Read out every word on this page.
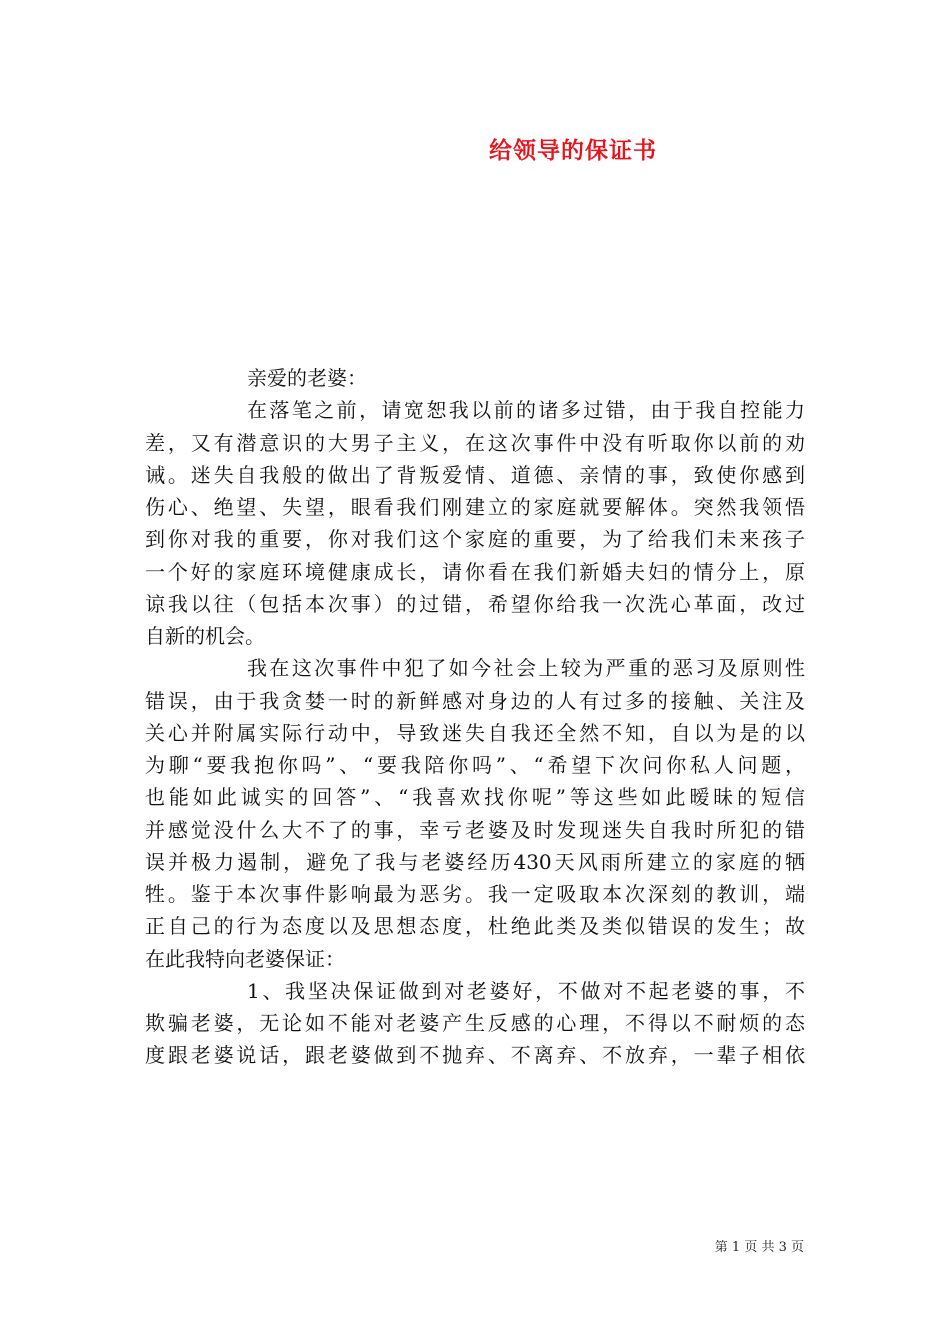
给领导的保证书
亲爱的老婆：
在落笔之前，请宽恕我以前的诸多过错，由于我自控能力
差，又有潜意识的大男子主义，在这次事件中没有听取你以前的劝
诫。迷失自我般的做出了背叛爱情、道德、亲情的事，致使你感到
伤心、绝望、失望，眼看我们刚建立的家庭就要解体。突然我领悟
到你对我的重要，你对我们这个家庭的重要，为了给我们未来孩子
一个好的家庭环境健康成长，请你看在我们新婚夫妇的情分上，原
谅我以往（包括本次事）的过错，希望你给我一次洗心革面，改过
自新的机会。
我在这次事件中犯了如今社会上较为严重的恶习及原则性
错误，由于我贪婪一时的新鲜感对身边的人有过多的接触、关注及
关心并附属实际行动中，导致迷失自我还全然不知，自以为是的以
为聊“要我抱你吗”、“要我陪你吗”、“希望下次问你私人问题，
也能如此诚实的回答”、“我喜欢找你呢”等这些如此暧昧的短信
并感觉没什么大不了的事，幸亏老婆及时发现迷失自我时所犯的错
误并极力遏制，避免了我与老婆经历430天风雨所建立的家庭的牺
牲。鉴于本次事件影响最为恶劣。我一定吸取本次深刻的教训，端
正自己的行为态度以及思想态度，杜绝此类及类似错误的发生；故
在此我特向老婆保证：
1、我坚决保证做到对老婆好，不做对不起老婆的事，不
欺骗老婆，无论如不能对老婆产生反感的心理，不得以不耐烦的态
度跟老婆说话，跟老婆做到不抛弃、不离弃、不放弃，一辈子相依
第 1 页 共 3 页
